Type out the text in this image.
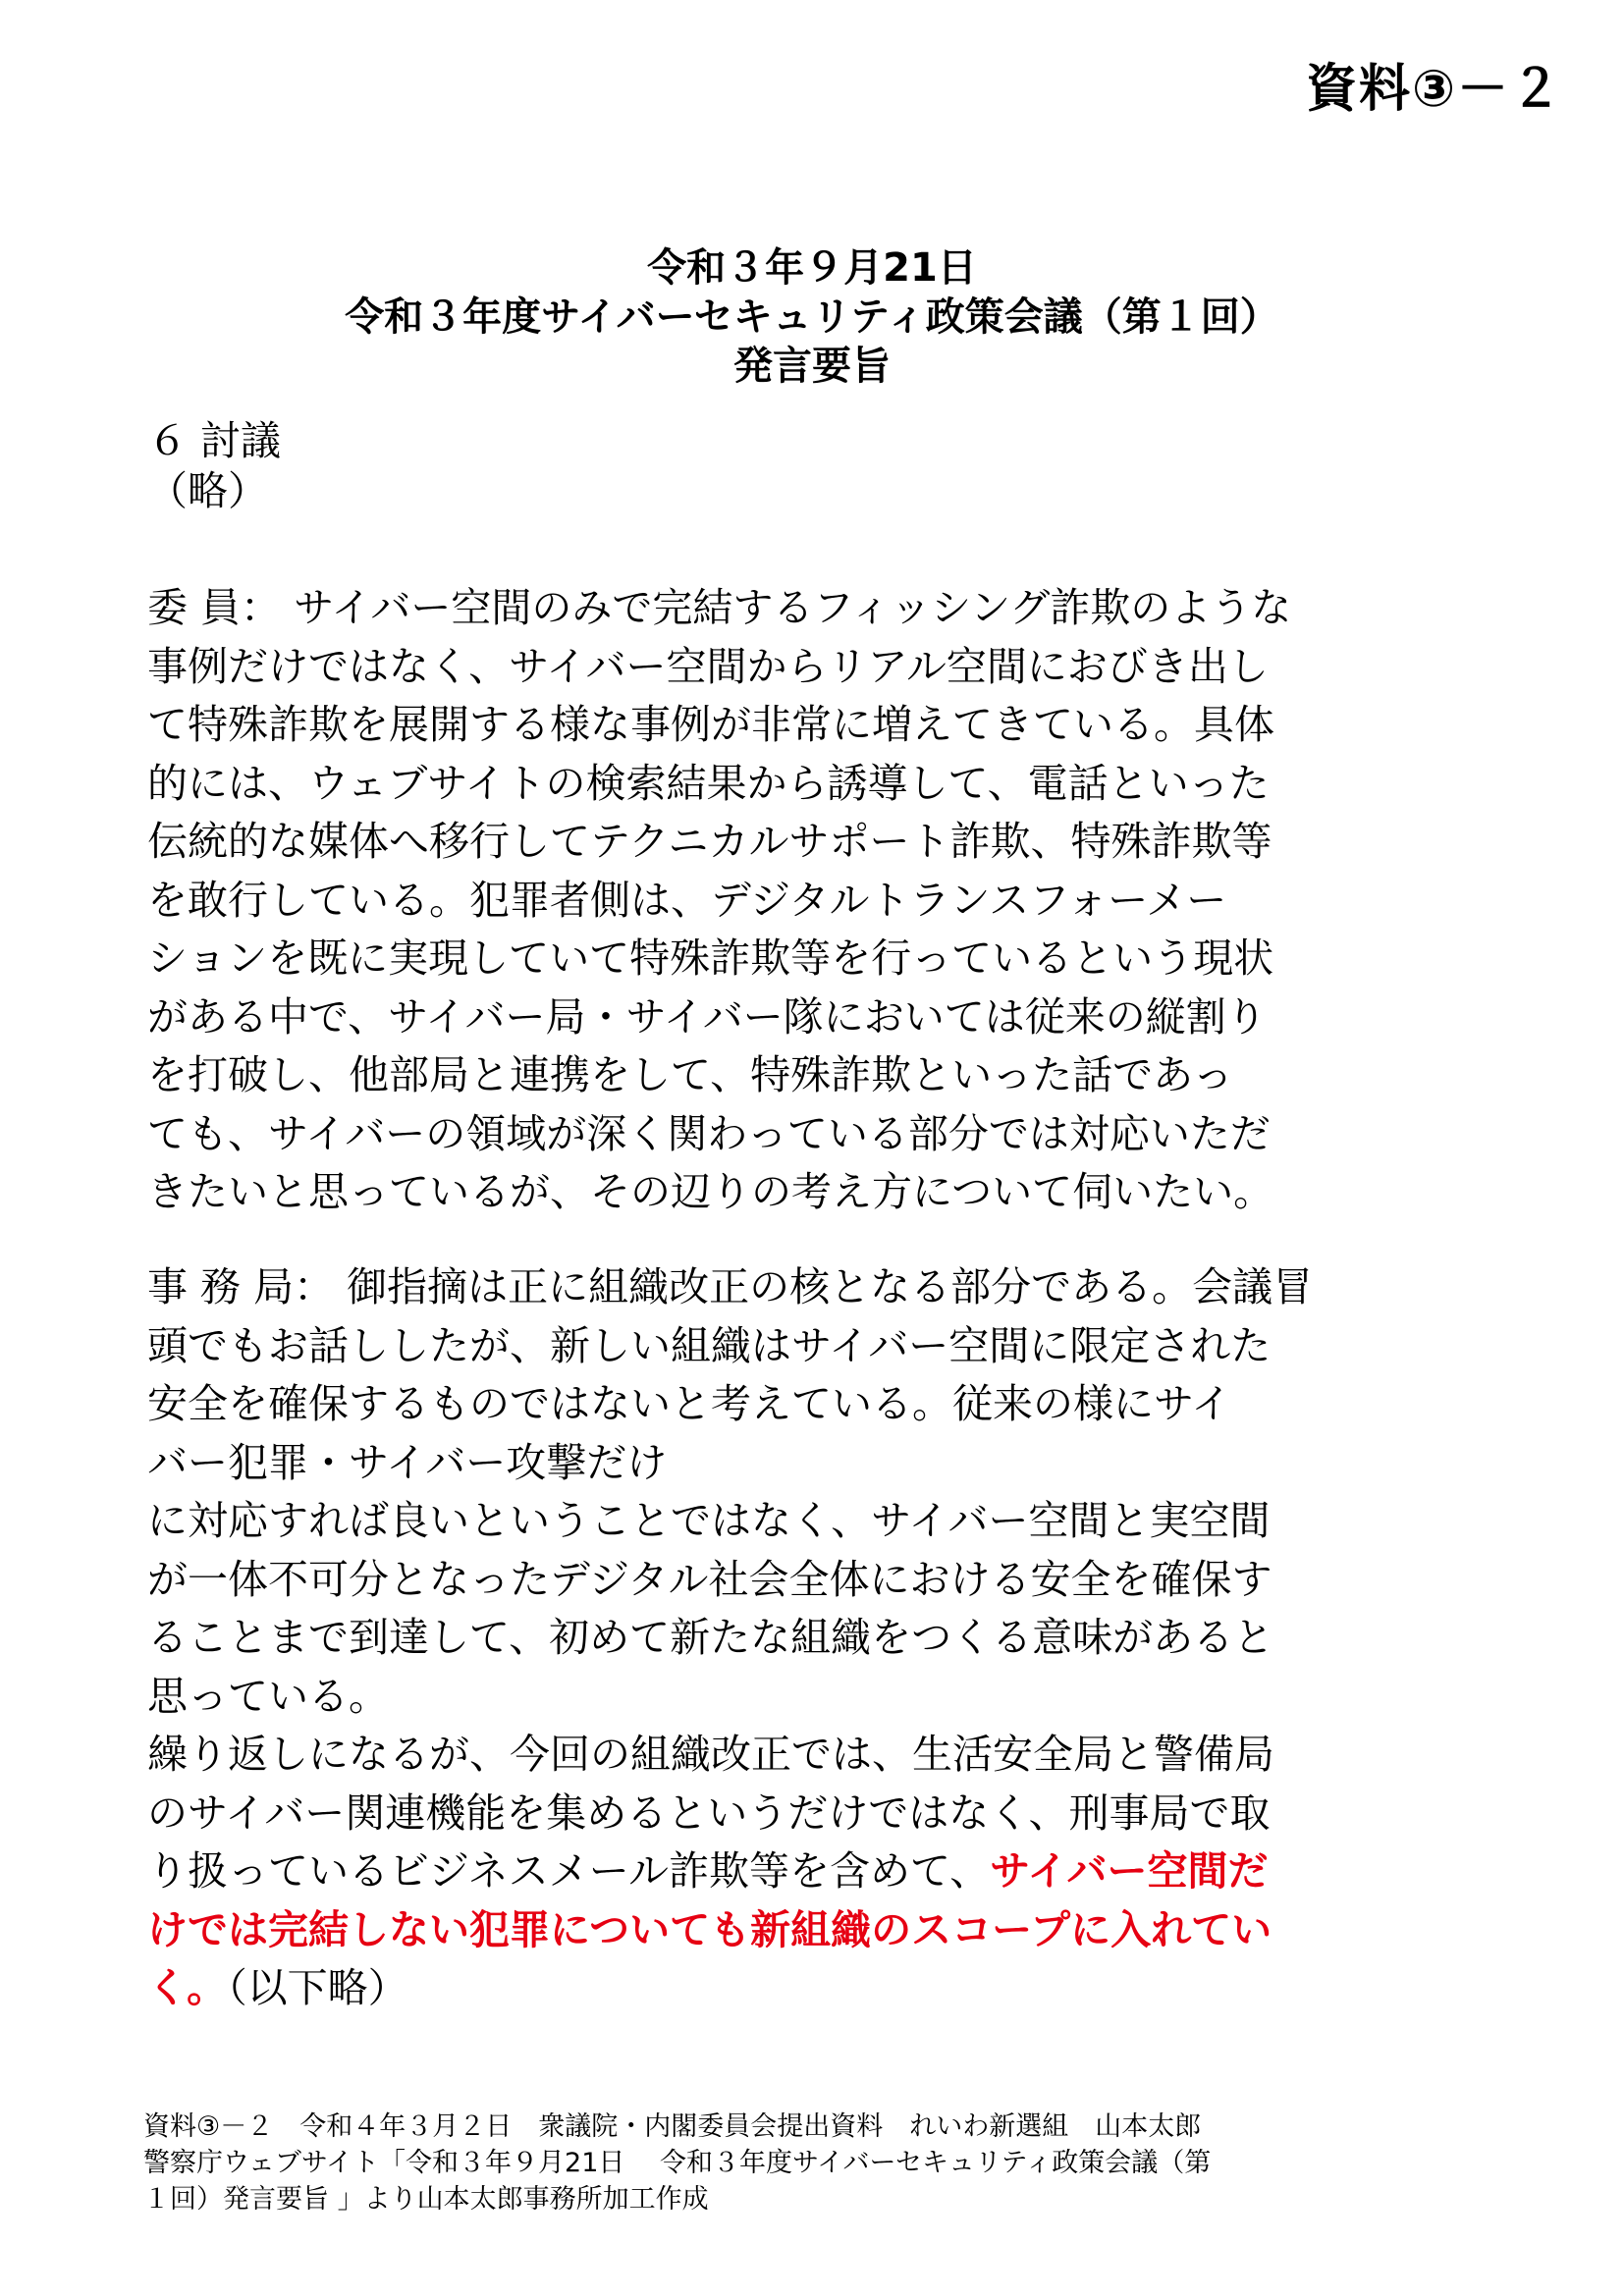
資料③－２
令和３年９月21日
令和３年度サイバーセキュリティ政策会議（第１回）
発言要旨
６ 討議
（略）
委 員： サイバー空間のみで完結するフィッシング詐欺のような
事例だけではなく、サイバー空間からリアル空間におびき出し
て特殊詐欺を展開する様な事例が非常に増えてきている。具体
的には、ウェブサイトの検索結果から誘導して、電話といった
伝統的な媒体へ移行してテクニカルサポート詐欺、特殊詐欺等
を敢行している。犯罪者側は、デジタルトランスフォーメー
ションを既に実現していて特殊詐欺等を行っているという現状
がある中で、サイバー局・サイバー隊においては従来の縦割り
を打破し、他部局と連携をして、特殊詐欺といった話であっ
ても、サイバーの領域が深く関わっている部分では対応いただ
きたいと思っているが、その辺りの考え方について伺いたい。
事 務 局： 御指摘は正に組織改正の核となる部分である。会議冒
頭でもお話ししたが、新しい組織はサイバー空間に限定された
安全を確保するものではないと考えている。従来の様にサイ
バー犯罪・サイバー攻撃だけ
に対応すれば良いということではなく、サイバー空間と実空間
が一体不可分となったデジタル社会全体における安全を確保す
ることまで到達して、初めて新たな組織をつくる意味があると
思っている。
繰り返しになるが、今回の組織改正では、生活安全局と警備局
のサイバー関連機能を集めるというだけではなく、刑事局で取
り扱っているビジネスメール詐欺等を含めて、サイバー空間だ
けでは完結しない犯罪についても新組織のスコープに入れてい
く。（以下略）
資料③－２　令和４年３月２日　衆議院・内閣委員会提出資料　れいわ新選組　山本太郎
警察庁ウェブサイト「令和３年９月21日　 令和３年度サイバーセキュリティ政策会議（第
１回）発言要旨 」より山本太郎事務所加工作成
